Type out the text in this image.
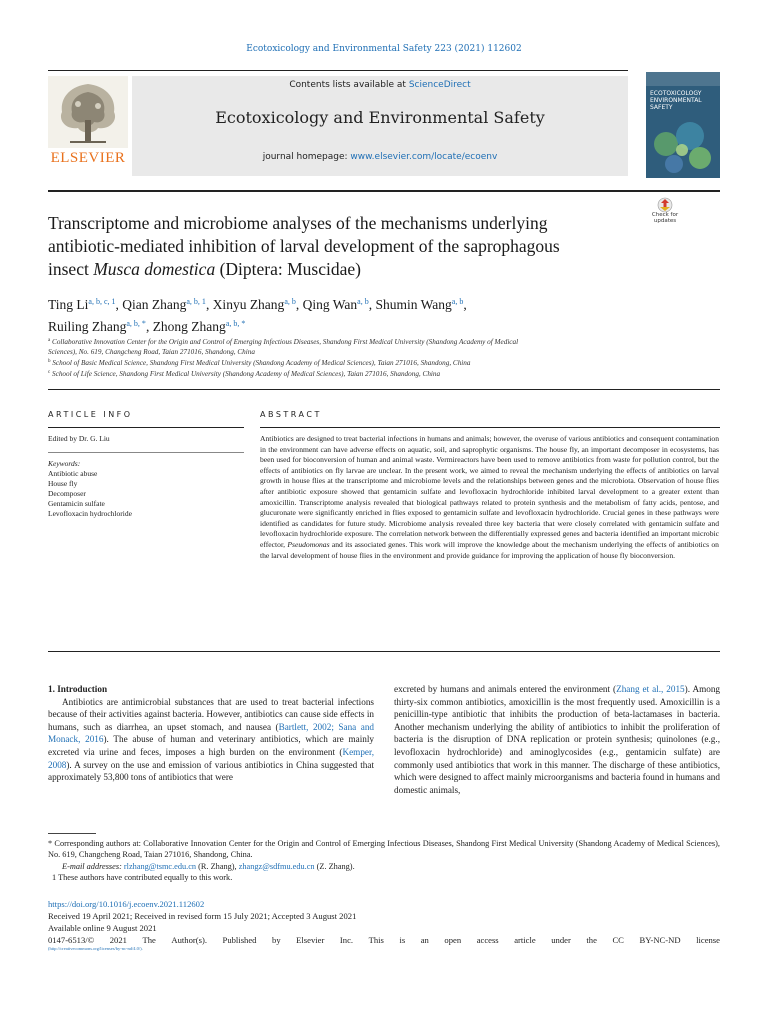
Ecotoxicology and Environmental Safety 223 (2021) 112602
ELSEVIER
Contents lists available at ScienceDirect
Ecotoxicology and Environmental Safety
journal homepage: www.elsevier.com/locate/ecoenv
ECOTOXICOLOGY
ENVIRONMENTAL
SAFETY
Check for
updates
Transcriptome and microbiome analyses of the mechanisms underlying
antibiotic-mediated inhibition of larval development of the saprophagous
insect Musca domestica (Diptera: Muscidae)
Ting Li$^{a, b, c, 1}$, Qian Zhang$^{a, b, 1}$, Xinyu Zhang$^{a, b}$, Qing Wan$^{a, b}$, Shumin Wang$^{a, b}$,
Ruiling Zhang$^{a, b, *}$, Zhong Zhang$^{a, b, *}$
$^a$ Collaborative Innovation Center for the Origin and Control of Emerging Infectious Diseases, Shandong First Medical University (Shandong Academy of Medical
Sciences), No. 619, Changcheng Road, Taian 271016, Shandong, China
$^b$ School of Basic Medical Science, Shandong First Medical University (Shandong Academy of Medical Sciences), Taian 271016, Shandong, China
$^c$ School of Life Science, Shandong First Medical University (Shandong Academy of Medical Sciences), Taian 271016, Shandong, China
ARTICLE INFO
Edited by Dr. G. Liu
Keywords:
Antibiotic abuse
House fly
Decomposer
Gentamicin sulfate
Levofloxacin hydrochloride
ABSTRACT
Antibiotics are designed to treat bacterial infections in humans and animals; however, the overuse of various antibiotics and consequent contamination in the environment can have adverse effects on aquatic, soil, and saprophytic organisms. The house fly, an important decomposer in ecosystems, has been used for bioconversion of human and animal waste. Vermireactors have been used to remove antibiotics from waste for pollution control, but the effects of antibiotics on fly larvae are unclear. In the present work, we aimed to reveal the mechanism underlying the effects of antibiotics on larval growth in house flies at the transcriptome and microbiome levels and the relationships between genes and the microbiota. Observation of house flies after antibiotic exposure showed that gentamicin sulfate and levofloxacin hydrochloride inhibited larval development to a greater extent than amoxicillin. Transcriptome analysis revealed that biological pathways related to protein synthesis and the metabolism of fatty acids, pentose, and glucuronate were significantly enriched in flies exposed to gentamicin sulfate and levofloxacin hydrochloride. Crucial genes in these pathways were identified as candidates for future study. Microbiome analysis revealed three key bacteria that were closely correlated with gentamicin sulfate and levofloxacin hydrochloride exposure. The correlation network between the differentially expressed genes and bacteria identified an important microbic effector, Pseudomonas and its associated genes. This work will improve the knowledge about the mechanism underlying the effects of antibiotics on the larval development of house flies in the environment and provide guidance for improving the application of house fly bioconversion.

1. Introduction

Antibiotics are antimicrobial substances that are used to treat bacterial infections because of their activities against bacteria. However, antibiotics can cause side effects in humans, such as diarrhea, an upset stomach, and nausea (Bartlett, 2002; Sana and Monack, 2016). The abuse of human and veterinary antibiotics, which are mainly excreted via urine and feces, imposes a high burden on the environment (Kemper, 2008). A survey on the use and emission of various antibiotics in China suggested that approximately 53,800 tons of antibiotics that were

excreted by humans and animals entered the environment (Zhang et al., 2015). Among thirty-six common antibiotics, amoxicillin is the most frequently used. Amoxicillin is a penicillin-type antibiotic that inhibits the production of beta-lactamases in bacteria. Another mechanism underlying the ability of antibiotics to inhibit the proliferation of bacteria is the disruption of DNA replication or protein synthesis; quinolones (e.g., levofloxacin hydrochloride) and aminoglycosides (e.g., gentamicin sulfate) are commonly used antibiotics that work in this manner. The discharge of these antibiotics, which were designed to affect mainly microorganisms and bacteria found in humans and domestic animals,

* Corresponding authors at: Collaborative Innovation Center for the Origin and Control of Emerging Infectious Diseases, Shandong First Medical University (Shandong Academy of Medical Sciences), No. 619, Changcheng Road, Taian 271016, Shandong, China.
E-mail addresses: rlzhang@tsmc.edu.cn (R. Zhang), zhangz@sdfmu.edu.cn (Z. Zhang).
1 These authors have contributed equally to this work.
https://doi.org/10.1016/j.ecoenv.2021.112602
Received 19 April 2021; Received in revised form 15 July 2021; Accepted 3 August 2021
Available online 9 August 2021
0147-6513/© 2021 The Author(s). Published by Elsevier Inc. This is an open access article under the CC BY-NC-ND license
(http://creativecommons.org/licenses/by-nc-nd/4.0/).
